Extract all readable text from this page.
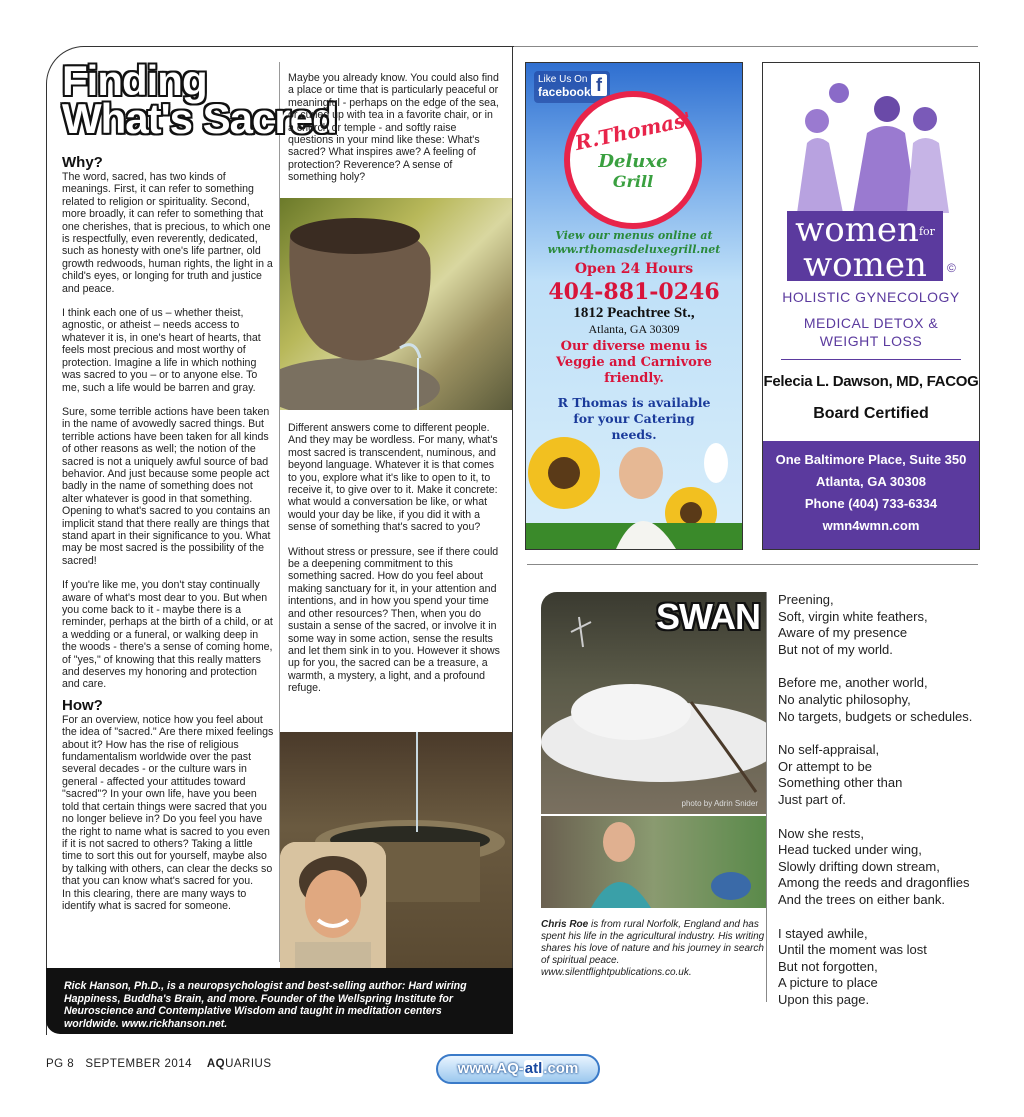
Finding
What's Sacred
Why?

The word, sacred, has two kinds of meanings. First, it can refer to something related to religion or spirituality. Second, more broadly, it can refer to something that one cherishes, that is precious, to which one is respectfully, even reverently, dedicated, such as honesty with one's life partner, old growth redwoods, human rights, the light in a child's eyes, or longing for truth and justice and peace.

I think each one of us – whether theist, agnostic, or atheist – needs access to whatever it is, in one's heart of hearts, that feels most precious and most worthy of protection. Imagine a life in which nothing was sacred to you – or to anyone else. To me, such a life would be barren and gray.

Sure, some terrible actions have been taken in the name of avowedly sacred things. But terrible actions have been taken for all kinds of other reasons as well; the notion of the sacred is not a uniquely awful source of bad behavior. And just because some people act badly in the name of something does not alter whatever is good in that something. Opening to what's sacred to you contains an implicit stand that there really are things that stand apart in their significance to you. What may be most sacred is the possibility of the sacred!

If you're like me, you don't stay continually aware of what's most dear to you. But when you come back to it - maybe there is a reminder, perhaps at the birth of a child, or at a wedding or a funeral, or walking deep in the woods - there's a sense of coming home, of "yes," of knowing that this really matters and deserves my honoring and protection and care.

How?

For an overview, notice how you feel about the idea of "sacred." Are there mixed feelings about it? How has the rise of religious fundamentalism worldwide over the past several decades - or the culture wars in general - affected your attitudes toward "sacred"? In your own life, have you been told that certain things were sacred that you no longer believe in? Do you feel you have the right to name what is sacred to you even if it is not sacred to others? Taking a little time to sort this out for yourself, maybe also by talking with others, can clear the decks so that you can know what's sacred for you.

In this clearing, there are many ways to identify what is sacred for someone.

Maybe you already know. You could also find a place or time that is particularly peaceful or meaningful - perhaps on the edge of the sea, or curled up with tea in a favorite chair, or in a church or temple - and softly raise questions in your mind like these: What's sacred? What inspires awe? A feeling of protection? Reverence? A sense of something holy?

Different answers come to different people. And they may be wordless. For many, what's most sacred is transcendent, numinous, and beyond language. Whatever it is that comes to you, explore what it's like to open to it, to receive it, to give over to it. Make it concrete: what would a conversation be like, or what would your day be like, if you did it with a sense of something that's sacred to you?

Without stress or pressure, see if there could be a deepening commitment to this something sacred. How do you feel about making sanctuary for it, in your attention and intentions, and in how you spend your time and other resources? Then, when you do sustain a sense of the sacred, or involve it in some way in some action, sense the results and let them sink in to you. However it shows up for you, the sacred can be a treasure, a warmth, a mystery, a light, and a profound refuge.

Rick Hanson, Ph.D., is a neuropsychologist and best-selling author: Hard wiring Happiness, Buddha's Brain, and more. Founder of the Wellspring Institute for Neuroscience and Contemplative Wisdom and taught in meditation centers worldwide. www.rickhanson.net.
Like Us On
facebook f
R.Thomas'
Deluxe
Grill
View our menus online at
www.rthomasdeluxegrill.net
Open 24 Hours
404-881-0246
1812 Peachtree St.,
Atlanta, GA 30309
Our diverse menu is Veggie and Carnivore friendly.
R Thomas is available for your Catering needs.
womenfor
women	©
HOLISTIC GYNECOLOGY
MEDICAL DETOX &
WEIGHT LOSS
Felecia L. Dawson, MD, FACOG
Board Certified
One Baltimore Place, Suite 350
Atlanta, GA 30308
Phone (404) 733-6334
wmn4wmn.com
SWAN
photo by Adrin Snider
Chris Roe is from rural Norfolk, England and has spent his life in the agricultural industry. His writing shares his love of nature and his journey in search of spiritual peace. www.silentflightpublications.co.uk.

Preening,
Soft, virgin white feathers,
Aware of my presence
But not of my world.

Before me, another world,
No analytic philosophy,
No targets, budgets or schedules.

No self-appraisal,
Or attempt to be
Something other than
Just part of.

Now she rests,
Head tucked under wing,
Slowly drifting down stream,
Among the reeds and dragonflies
And the trees on either bank.

I stayed awhile,
Until the moment was lost
But not forgotten,
A picture to place
Upon this page.

PG 8 SEPTEMBER 2014 AQUARIUS	www.AQ-atl.com
